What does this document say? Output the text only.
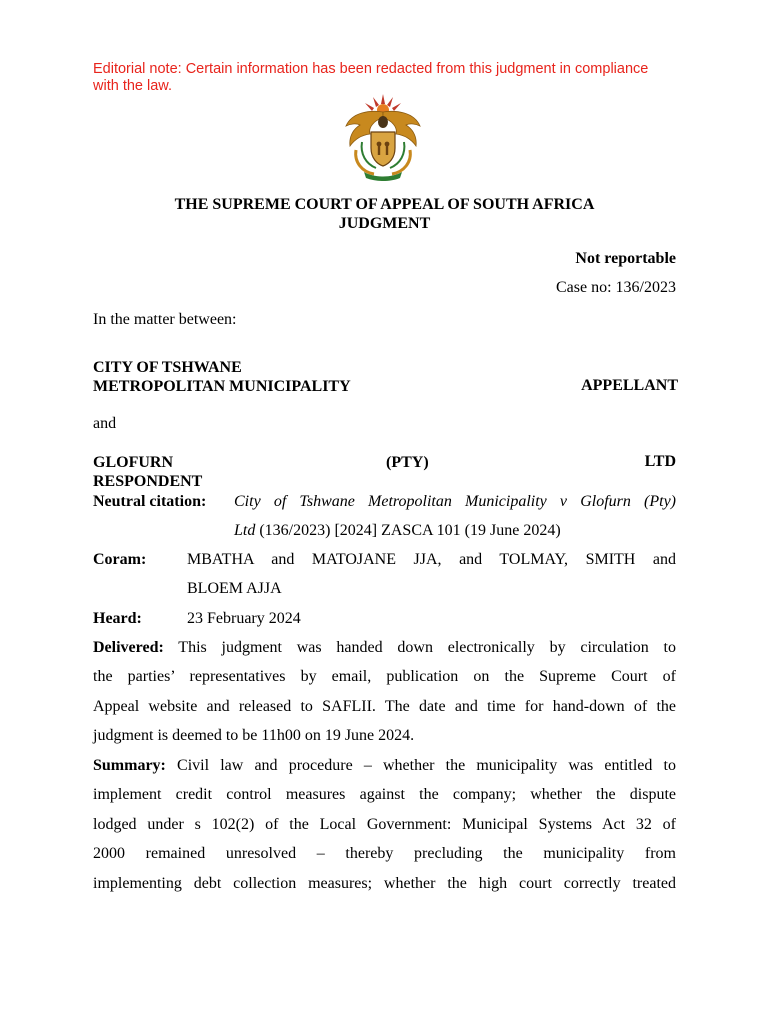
Editorial note: Certain information has been redacted from this judgment in compliance with the law.
THE SUPREME COURT OF APPEAL OF SOUTH AFRICA
JUDGMENT
Not reportable
Case no: 136/2023
In the matter between:
CITY OF TSHWANE
METROPOLITAN MUNICIPALITY	APPELLANT
and
GLOFURN	(PTY)	LTD
RESPONDENT
Neutral citation: City of Tshwane Metropolitan Municipality v Glofurn (Pty)
Ltd (136/2023) [2024] ZASCA 101 (19 June 2024)
Coram:	MBATHA and MATOJANE JJA, and TOLMAY, SMITH and
BLOEM AJJA
Heard:	23 February 2024
Delivered: This judgment was handed down electronically by circulation to
the parties’ representatives by email, publication on the Supreme Court of
Appeal website and released to SAFLII. The date and time for hand-down of the
judgment is deemed to be 11h00 on 19 June 2024.
Summary: Civil law and procedure – whether the municipality was entitled to
implement credit control measures against the company; whether the dispute
lodged under s 102(2) of the Local Government: Municipal Systems Act 32 of
2000 remained unresolved – thereby precluding the municipality from
implementing debt collection measures; whether the high court correctly treated
